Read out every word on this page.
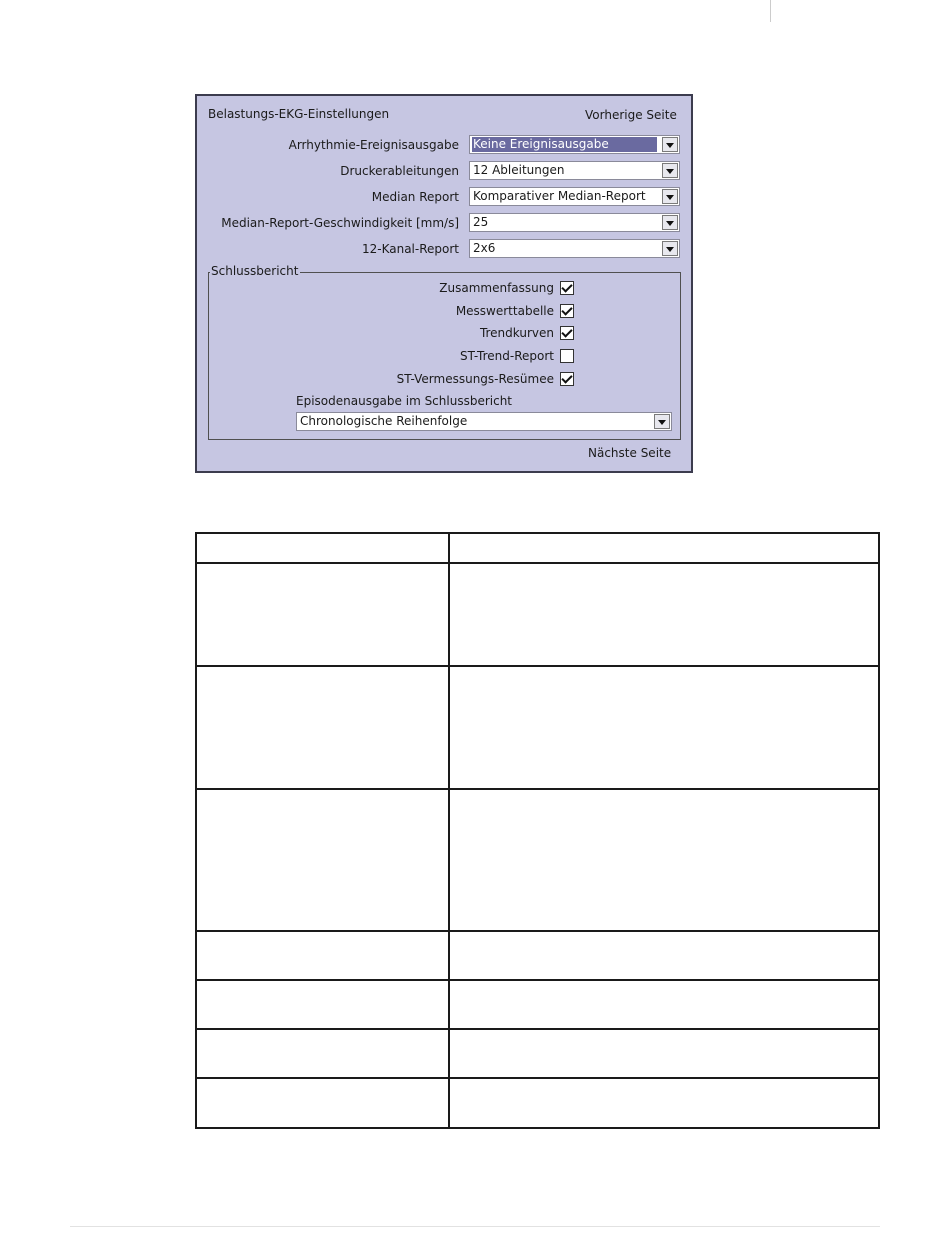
Belastungs-EKG-Einstellungen	Vorherige Seite
Arrhythmie-Ereignisausgabe Keine Ereignisausgabe
Druckerableitungen 12 Ableitungen
Median Report Komparativer Median-Report
Median-Report-Geschwindigkeit [mm/s] 25
12-Kanal-Report 2x6
Schlussbericht
Zusammenfassung
Messwerttabelle
Trendkurven
ST-Trend-Report
ST-Vermessungs-Resümee
Episodenausgabe im Schlussbericht
Chronologische Reihenfolge
Nächste Seite
